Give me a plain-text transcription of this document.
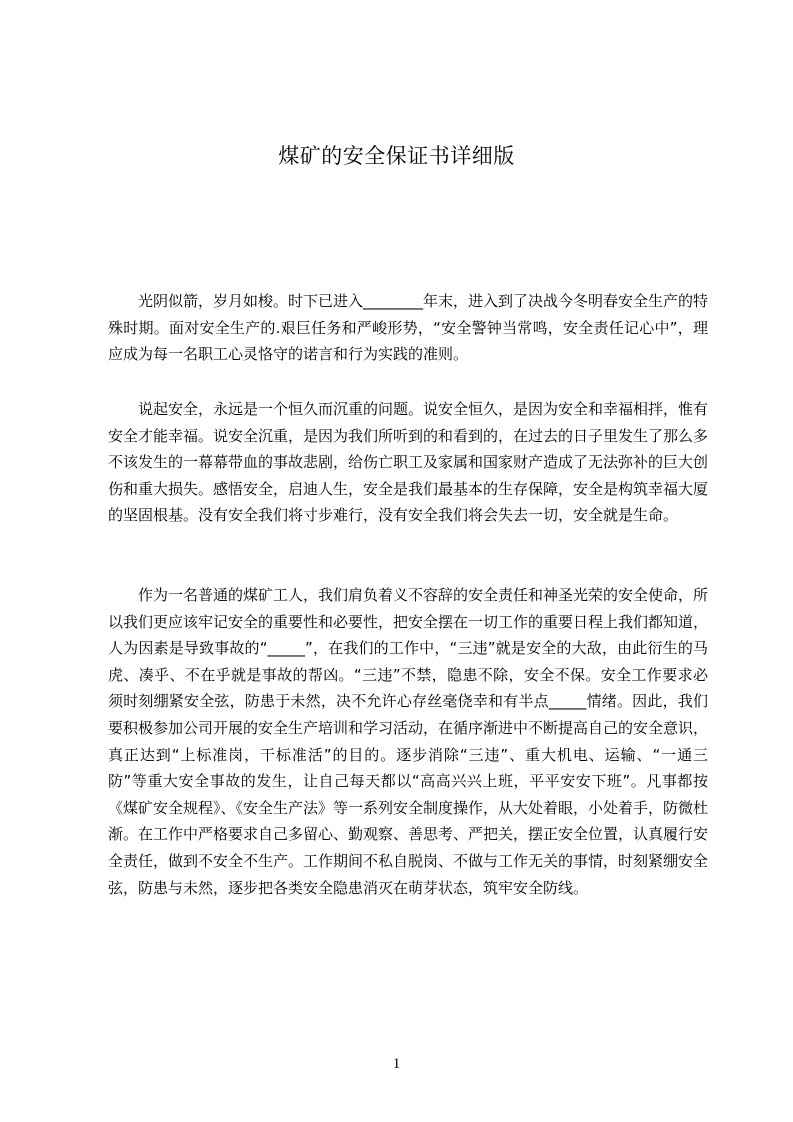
煤矿的安全保证书详细版

光阴似箭，岁月如梭。时下已进入________年末，进入到了决战今冬明春安全生产的特殊时期。面对安全生产的.艰巨任务和严峻形势，“安全警钟当常鸣，安全责任记心中”，理应成为每一名职工心灵恪守的诺言和行为实践的准则。

说起安全，永远是一个恒久而沉重的问题。说安全恒久，是因为安全和幸福相拌，惟有安全才能幸福。说安全沉重，是因为我们所听到的和看到的，在过去的日子里发生了那么多不该发生的一幕幕带血的事故悲剧，给伤亡职工及家属和国家财产造成了无法弥补的巨大创伤和重大损失。感悟安全，启迪人生，安全是我们最基本的生存保障，安全是构筑幸福大厦的坚固根基。没有安全我们将寸步难行，没有安全我们将会失去一切，安全就是生命。

作为一名普通的煤矿工人，我们肩负着义不容辞的安全责任和神圣光荣的安全使命，所以我们更应该牢记安全的重要性和必要性，把安全摆在一切工作的重要日程上我们都知道，人为因素是导致事故的“_____”，在我们的工作中，“三违”就是安全的大敌，由此衍生的马虎、凑乎、不在乎就是事故的帮凶。“三违”不禁，隐患不除，安全不保。安全工作要求必须时刻绷紧安全弦，防患于未然，决不允许心存丝毫侥幸和有半点_____情绪。因此，我们要积极参加公司开展的安全生产培训和学习活动，在循序渐进中不断提高自己的安全意识，真正达到“上标准岗，干标准活”的目的。逐步消除“三违”、重大机电、运输、“一通三防”等重大安全事故的发生，让自己每天都以“高高兴兴上班，平平安安下班”。凡事都按《煤矿安全规程》、《安全生产法》等一系列安全制度操作，从大处着眼，小处着手，防微杜渐。在工作中严格要求自己多留心、勤观察、善思考、严把关，摆正安全位置，认真履行安全责任，做到不安全不生产。工作期间不私自脱岗、不做与工作无关的事情，时刻紧绷安全弦，防患与未然，逐步把各类安全隐患消灭在萌芽状态，筑牢安全防线。

1
